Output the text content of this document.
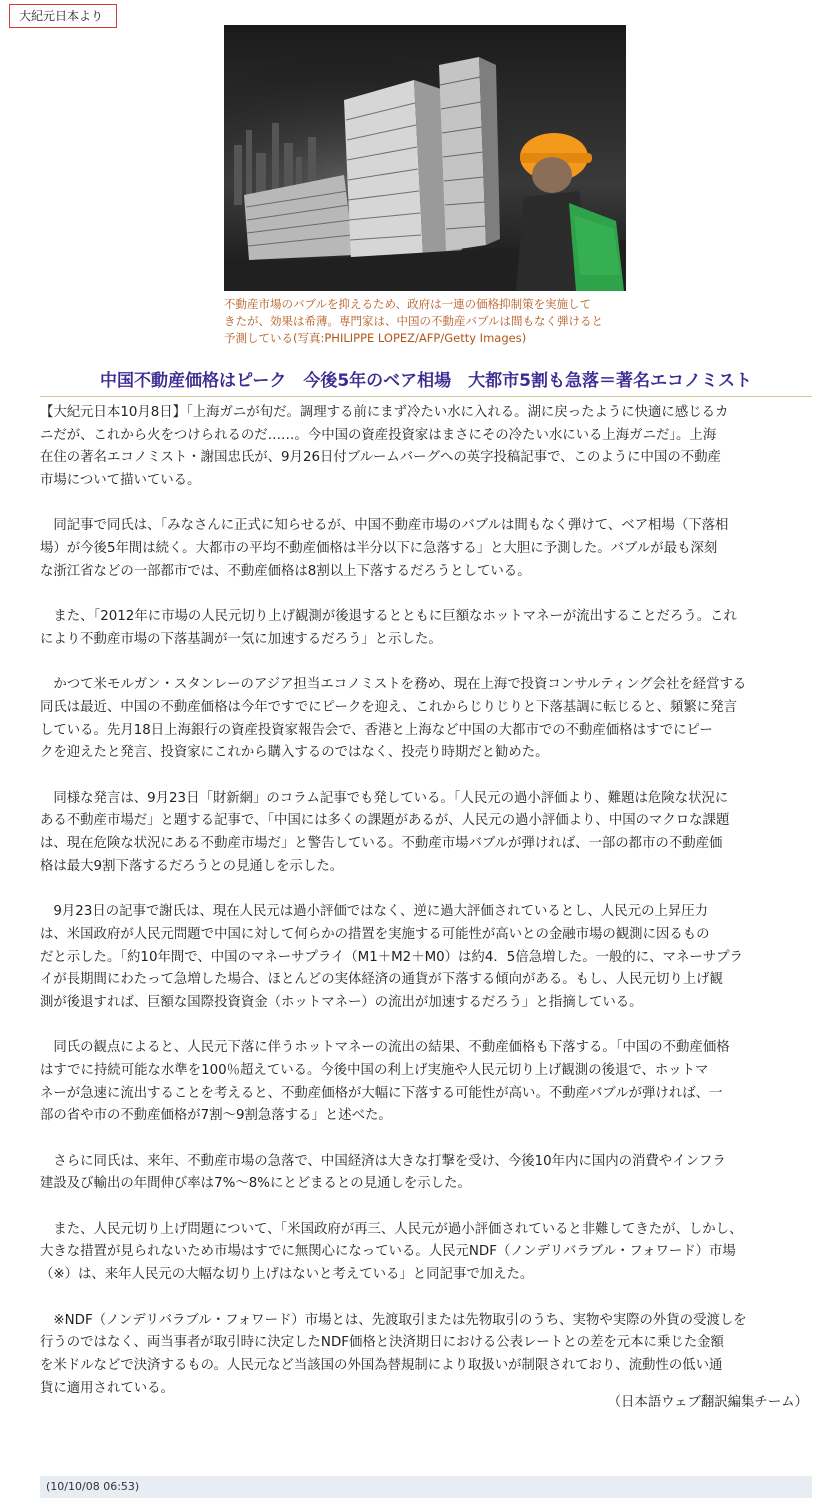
大紀元日本より
不動産市場のバブルを抑えるため、政府は一連の価格抑制策を実施して
きたが、効果は希薄。専門家は、中国の不動産バブルは間もなく弾けると
予測している(写真:PHILIPPE LOPEZ/AFP/Getty Images)
中国不動産価格はピーク　今後5年のベア相場　大都市5割も急落＝著名エコノミスト
【大紀元日本10月8日】「上海ガニが旬だ。調理する前にまず冷たい水に入れる。湖に戻ったように快適に感じるカ
ニだが、これから火をつけられるのだ……。今中国の資産投資家はまさにその冷たい水にいる上海ガニだ」。上海
在住の著名エコノミスト・謝国忠氏が、9月26日付ブルームバーグへの英字投稿記事で、このように中国の不動産
市場について描いている。
　同記事で同氏は、「みなさんに正式に知らせるが、中国不動産市場のバブルは間もなく弾けて、ベア相場（下落相
場）が今後5年間は続く。大都市の平均不動産価格は半分以下に急落する」と大胆に予測した。バブルが最も深刻
な浙江省などの一部都市では、不動産価格は8割以上下落するだろうとしている。
　また、「2012年に市場の人民元切り上げ観測が後退するとともに巨額なホットマネーが流出することだろう。これ
により不動産市場の下落基調が一気に加速するだろう」と示した。
　かつて米モルガン・スタンレーのアジア担当エコノミストを務め、現在上海で投資コンサルティング会社を経営する
同氏は最近、中国の不動産価格は今年ですでにピークを迎え、これからじりじりと下落基調に転じると、頻繁に発言
している。先月18日上海銀行の資産投資家報告会で、香港と上海など中国の大都市での不動産価格はすでにピー
クを迎えたと発言、投資家にこれから購入するのではなく、投売り時期だと勧めた。
　同様な発言は、9月23日「財新網」のコラム記事でも発している。「人民元の過小評価より、難題は危険な状況に
ある不動産市場だ」と題する記事で、「中国には多くの課題があるが、人民元の過小評価より、中国のマクロな課題
は、現在危険な状況にある不動産市場だ」と警告している。不動産市場バブルが弾ければ、一部の都市の不動産価
格は最大9割下落するだろうとの見通しを示した。
　9月23日の記事で謝氏は、現在人民元は過小評価ではなく、逆に過大評価されているとし、人民元の上昇圧力
は、米国政府が人民元問題で中国に対して何らかの措置を実施する可能性が高いとの金融市場の観測に因るもの
だと示した。「約10年間で、中国のマネーサプライ（M1＋M2＋M0）は約4．5倍急増した。一般的に、マネーサプラ
イが長期間にわたって急増した場合、ほとんどの実体経済の通貨が下落する傾向がある。もし、人民元切り上げ観
測が後退すれば、巨額な国際投資資金（ホットマネー）の流出が加速するだろう」と指摘している。
　同氏の観点によると、人民元下落に伴うホットマネーの流出の結果、不動産価格も下落する。「中国の不動産価格
はすでに持続可能な水準を100％超えている。今後中国の利上げ実施や人民元切り上げ観測の後退で、ホットマ
ネーが急速に流出することを考えると、不動産価格が大幅に下落する可能性が高い。不動産バブルが弾ければ、一
部の省や市の不動産価格が7割～9割急落する」と述べた。
　さらに同氏は、来年、不動産市場の急落で、中国経済は大きな打撃を受け、今後10年内に国内の消費やインフラ
建設及び輸出の年間伸び率は7%～8%にとどまるとの見通しを示した。
　また、人民元切り上げ問題について、「米国政府が再三、人民元が過小評価されていると非難してきたが、しかし、
大きな措置が見られないため市場はすでに無関心になっている。人民元NDF（ノンデリバラブル・フォワード）市場
（※）は、来年人民元の大幅な切り上げはないと考えている」と同記事で加えた。
　※NDF（ノンデリバラブル・フォワード）市場とは、先渡取引または先物取引のうち、実物や実際の外貨の受渡しを
行うのではなく、両当事者が取引時に決定したNDF価格と決済期日における公表レートとの差を元本に乗じた金額
を米ドルなどで決済するもの。人民元など当該国の外国為替規制により取扱いが制限されており、流動性の低い通
貨に適用されている。
（日本語ウェブ翻訳編集チーム）
(10/10/08 06:53)
